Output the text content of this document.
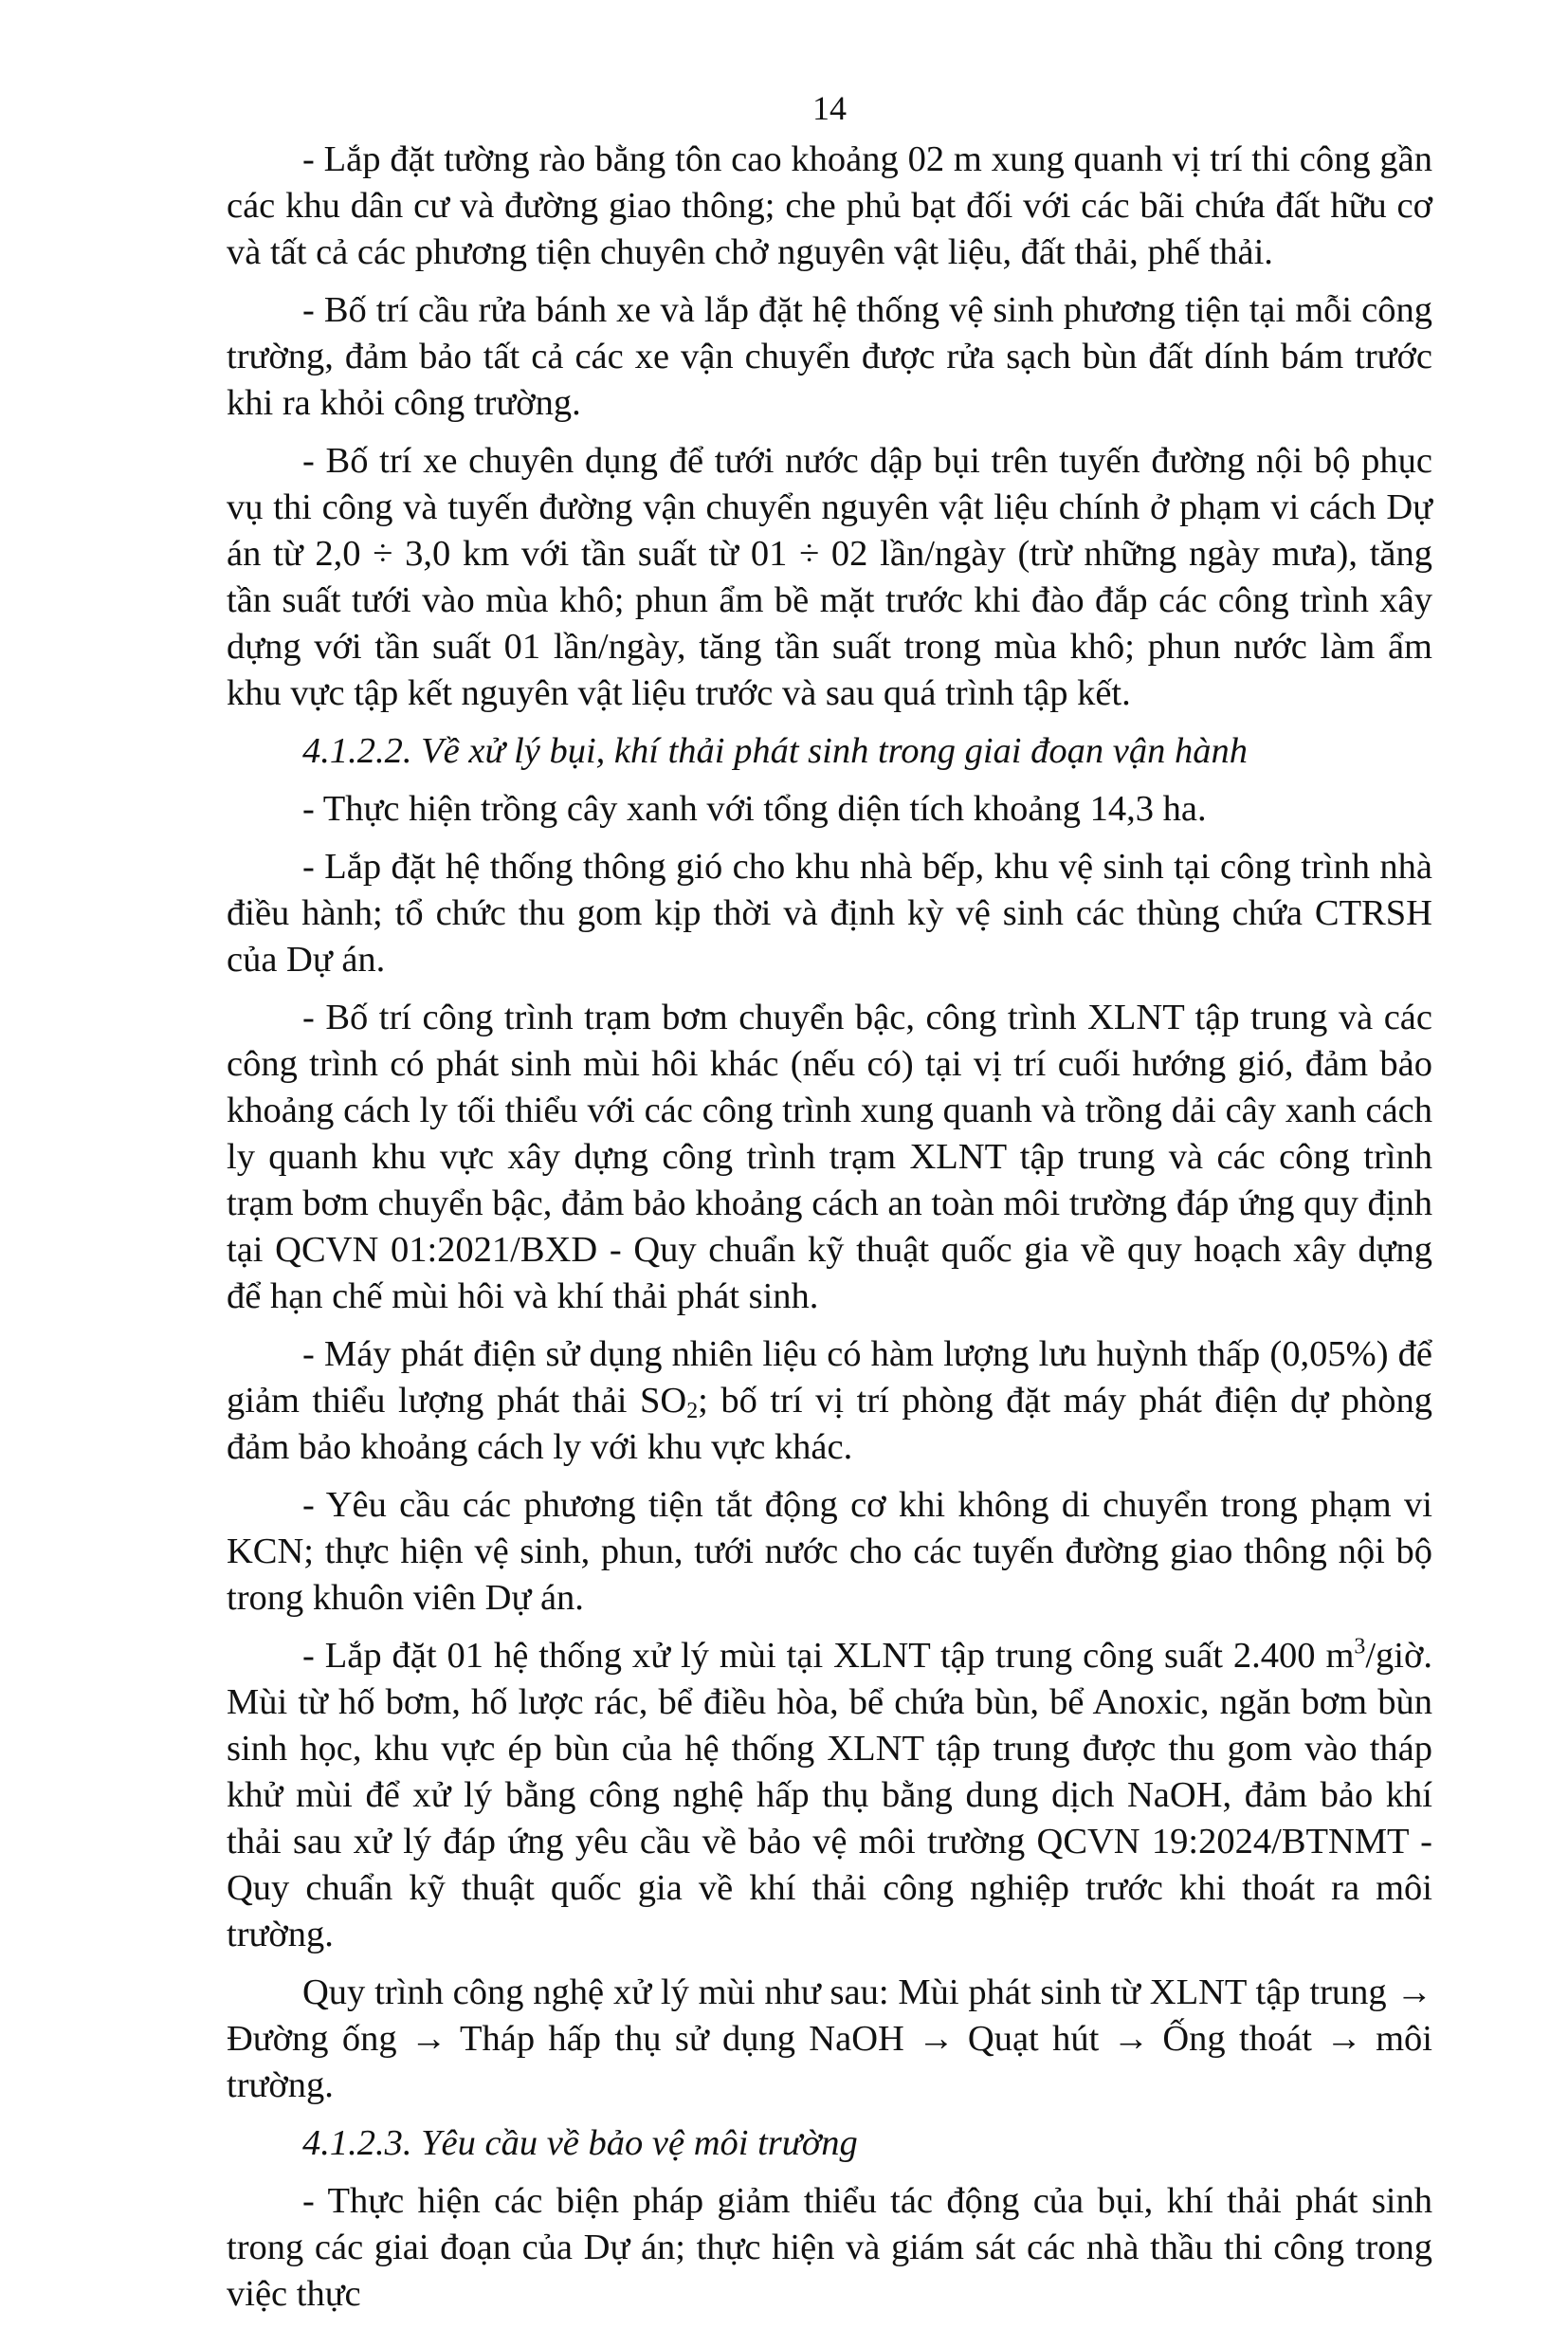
14

- Lắp đặt tường rào bằng tôn cao khoảng 02 m xung quanh vị trí thi công gần các khu dân cư và đường giao thông; che phủ bạt đối với các bãi chứa đất hữu cơ và tất cả các phương tiện chuyên chở nguyên vật liệu, đất thải, phế thải.

- Bố trí cầu rửa bánh xe và lắp đặt hệ thống vệ sinh phương tiện tại mỗi công trường, đảm bảo tất cả các xe vận chuyển được rửa sạch bùn đất dính bám trước khi ra khỏi công trường.

- Bố trí xe chuyên dụng để tưới nước dập bụi trên tuyến đường nội bộ phục vụ thi công và tuyến đường vận chuyển nguyên vật liệu chính ở phạm vi cách Dự án từ 2,0 ÷ 3,0 km với tần suất từ 01 ÷ 02 lần/ngày (trừ những ngày mưa), tăng tần suất tưới vào mùa khô; phun ẩm bề mặt trước khi đào đắp các công trình xây dựng với tần suất 01 lần/ngày, tăng tần suất trong mùa khô; phun nước làm ẩm khu vực tập kết nguyên vật liệu trước và sau quá trình tập kết.

4.1.2.2. Về xử lý bụi, khí thải phát sinh trong giai đoạn vận hành

- Thực hiện trồng cây xanh với tổng diện tích khoảng 14,3 ha.

- Lắp đặt hệ thống thông gió cho khu nhà bếp, khu vệ sinh tại công trình nhà điều hành; tổ chức thu gom kịp thời và định kỳ vệ sinh các thùng chứa CTRSH của Dự án.

- Bố trí công trình trạm bơm chuyển bậc, công trình XLNT tập trung và các công trình có phát sinh mùi hôi khác (nếu có) tại vị trí cuối hướng gió, đảm bảo khoảng cách ly tối thiểu với các công trình xung quanh và trồng dải cây xanh cách ly quanh khu vực xây dựng công trình trạm XLNT tập trung và các công trình trạm bơm chuyển bậc, đảm bảo khoảng cách an toàn môi trường đáp ứng quy định tại QCVN 01:2021/BXD - Quy chuẩn kỹ thuật quốc gia về quy hoạch xây dựng để hạn chế mùi hôi và khí thải phát sinh.

- Máy phát điện sử dụng nhiên liệu có hàm lượng lưu huỳnh thấp (0,05%) để giảm thiểu lượng phát thải $SO_2$; bố trí vị trí phòng đặt máy phát điện dự phòng đảm bảo khoảng cách ly với khu vực khác.

- Yêu cầu các phương tiện tắt động cơ khi không di chuyển trong phạm vi KCN; thực hiện vệ sinh, phun, tưới nước cho các tuyến đường giao thông nội bộ trong khuôn viên Dự án.

- Lắp đặt 01 hệ thống xử lý mùi tại XLNT tập trung công suất 2.400 $m^3$/giờ. Mùi từ hố bơm, hố lược rác, bể điều hòa, bể chứa bùn, bể Anoxic, ngăn bơm bùn sinh học, khu vực ép bùn của hệ thống XLNT tập trung được thu gom vào tháp khử mùi để xử lý bằng công nghệ hấp thụ bằng dung dịch NaOH, đảm bảo khí thải sau xử lý đáp ứng yêu cầu về bảo vệ môi trường QCVN 19:2024/BTNMT - Quy chuẩn kỹ thuật quốc gia về khí thải công nghiệp trước khi thoát ra môi trường.

Quy trình công nghệ xử lý mùi như sau: Mùi phát sinh từ XLNT tập trung → Đường ống → Tháp hấp thụ sử dụng NaOH → Quạt hút → Ống thoát → môi trường.

4.1.2.3. Yêu cầu về bảo vệ môi trường

- Thực hiện các biện pháp giảm thiểu tác động của bụi, khí thải phát sinh trong các giai đoạn của Dự án; thực hiện và giám sát các nhà thầu thi công trong việc thực
